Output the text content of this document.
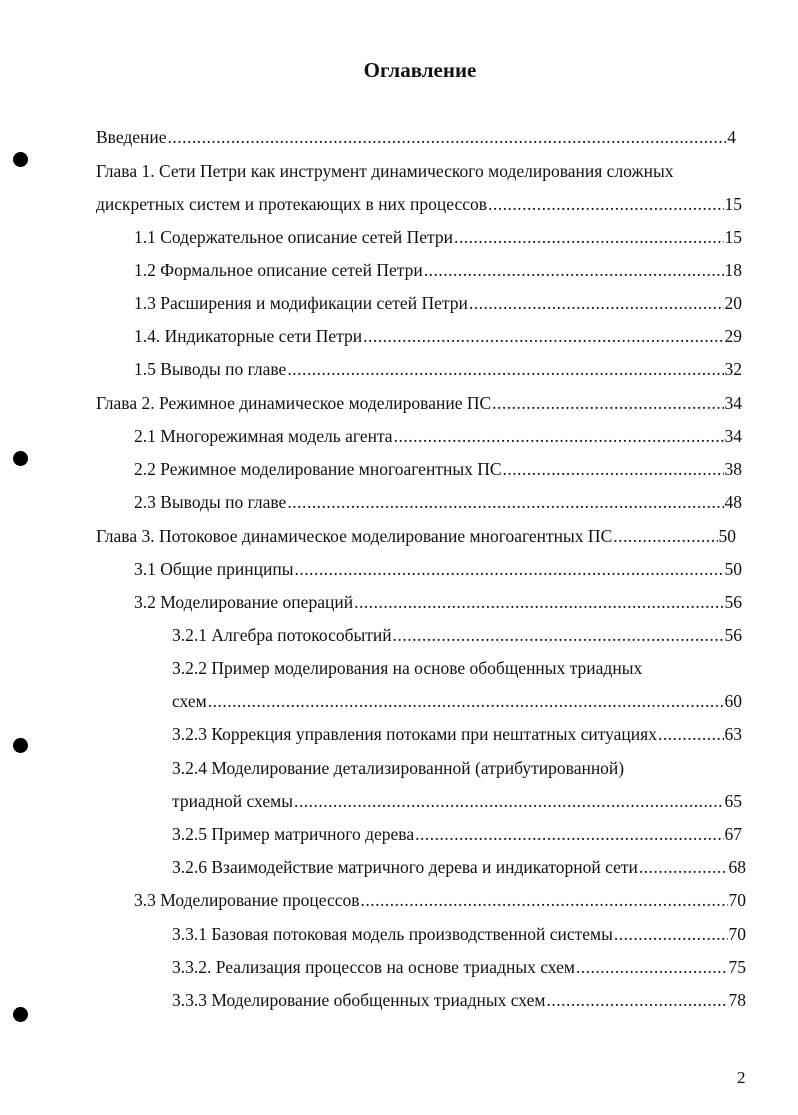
Оглавление
Введение .....	4
Глава 1. Сети Петри как инструмент динамического моделирования сложных
дискретных систем и протекающих в них процессов .....	15
1.1 Содержательное описание сетей Петри .....	15
1.2 Формальное описание сетей Петри .....	18
1.3 Расширения и модификации сетей Петри .....	20
1.4. Индикаторные сети Петри .....	29
1.5 Выводы по главе .....	32
Глава 2. Режимное динамическое моделирование ПС .....	34
2.1 Многорежимная модель агента .....	34
2.2 Режимное моделирование многоагентных ПС .....	38
2.3 Выводы по главе .....	48
Глава 3. Потоковое динамическое моделирование многоагентных ПС .....	50
3.1 Общие принципы .....	50
3.2 Моделирование операций .....	56
3.2.1 Алгебра потокособытий .....	56
3.2.2 Пример моделирования на основе обобщенных триадных
схем .....	60
3.2.3 Коррекция управления потоками при нештатных ситуациях .....	63
3.2.4 Моделирование детализированной (атрибутированной)
триадной схемы .....	65
3.2.5 Пример матричного дерева .....	67
3.2.6 Взаимодействие матричного дерева и индикаторной сети .....	68
3.3 Моделирование процессов .....	70
3.3.1 Базовая потоковая модель производственной системы .....	70
3.3.2. Реализация процессов на основе триадных схем .....	75
3.3.3 Моделирование обобщенных триадных схем .....	78
2
